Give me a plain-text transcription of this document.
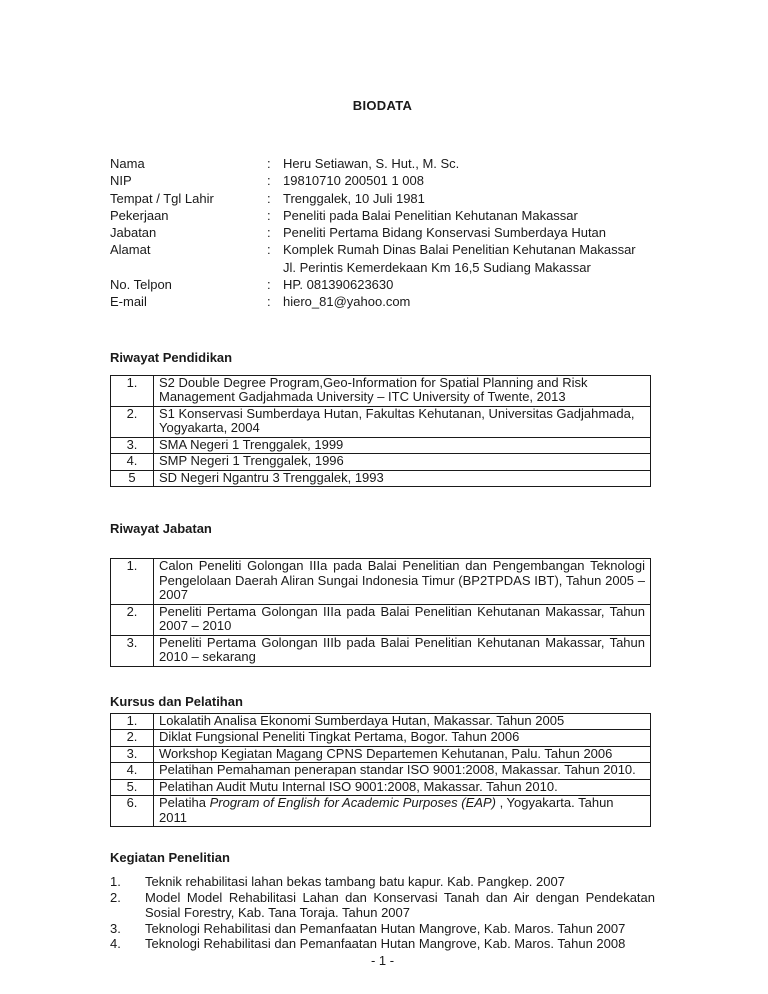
BIODATA
Nama	: Heru Setiawan, S. Hut., M. Sc.
NIP	: 19810710 200501 1 008
Tempat / Tgl Lahir	: Trenggalek, 10 Juli 1981
Pekerjaan	: Peneliti pada Balai Penelitian Kehutanan Makassar
Jabatan	: Peneliti Pertama Bidang Konservasi Sumberdaya Hutan
Alamat	: Komplek Rumah Dinas Balai Penelitian Kehutanan Makassar
Jl. Perintis Kemerdekaan Km 16,5 Sudiang Makassar
No. Telpon	: HP. 081390623630
E-mail	: hiero_81@yahoo.com
Riwayat Pendidikan
1.	S2 Double Degree Program,Geo-Information for Spatial Planning and Risk Management Gadjahmada University – ITC University of Twente, 2013
2.	S1 Konservasi Sumberdaya Hutan, Fakultas Kehutanan, Universitas Gadjahmada, Yogyakarta, 2004
3.	SMA Negeri 1 Trenggalek, 1999
4.	SMP Negeri 1 Trenggalek, 1996
5	SD Negeri Ngantru 3 Trenggalek, 1993
Riwayat Jabatan
1.	Calon Peneliti Golongan IIIa pada Balai Penelitian dan Pengembangan Teknologi Pengelolaan Daerah Aliran Sungai Indonesia Timur (BP2TPDAS IBT), Tahun 2005 – 2007
2.	Peneliti Pertama Golongan IIIa pada Balai Penelitian Kehutanan Makassar, Tahun 2007 – 2010
3.	Peneliti Pertama Golongan IIIb pada Balai Penelitian Kehutanan Makassar, Tahun 2010 – sekarang
Kursus dan Pelatihan
1.	Lokalatih Analisa Ekonomi Sumberdaya Hutan, Makassar. Tahun 2005
2.	Diklat Fungsional Peneliti Tingkat Pertama, Bogor. Tahun 2006
3.	Workshop Kegiatan Magang CPNS Departemen Kehutanan, Palu. Tahun 2006
4.	Pelatihan Pemahaman penerapan standar ISO 9001:2008, Makassar. Tahun 2010.
5.	Pelatihan Audit Mutu Internal ISO 9001:2008, Makassar. Tahun 2010.
6.	Pelatiha Program of English for Academic Purposes (EAP) , Yogyakarta. Tahun 2011
Kegiatan Penelitian
1.	Teknik rehabilitasi lahan bekas tambang batu kapur. Kab. Pangkep. 2007
2.	Model Model Rehabilitasi Lahan dan Konservasi Tanah dan Air dengan Pendekatan Sosial Forestry, Kab. Tana Toraja. Tahun 2007
3.	Teknologi Rehabilitasi dan Pemanfaatan Hutan Mangrove, Kab. Maros. Tahun 2007
4.	Teknologi Rehabilitasi dan Pemanfaatan Hutan Mangrove, Kab. Maros. Tahun 2008
- 1 -
